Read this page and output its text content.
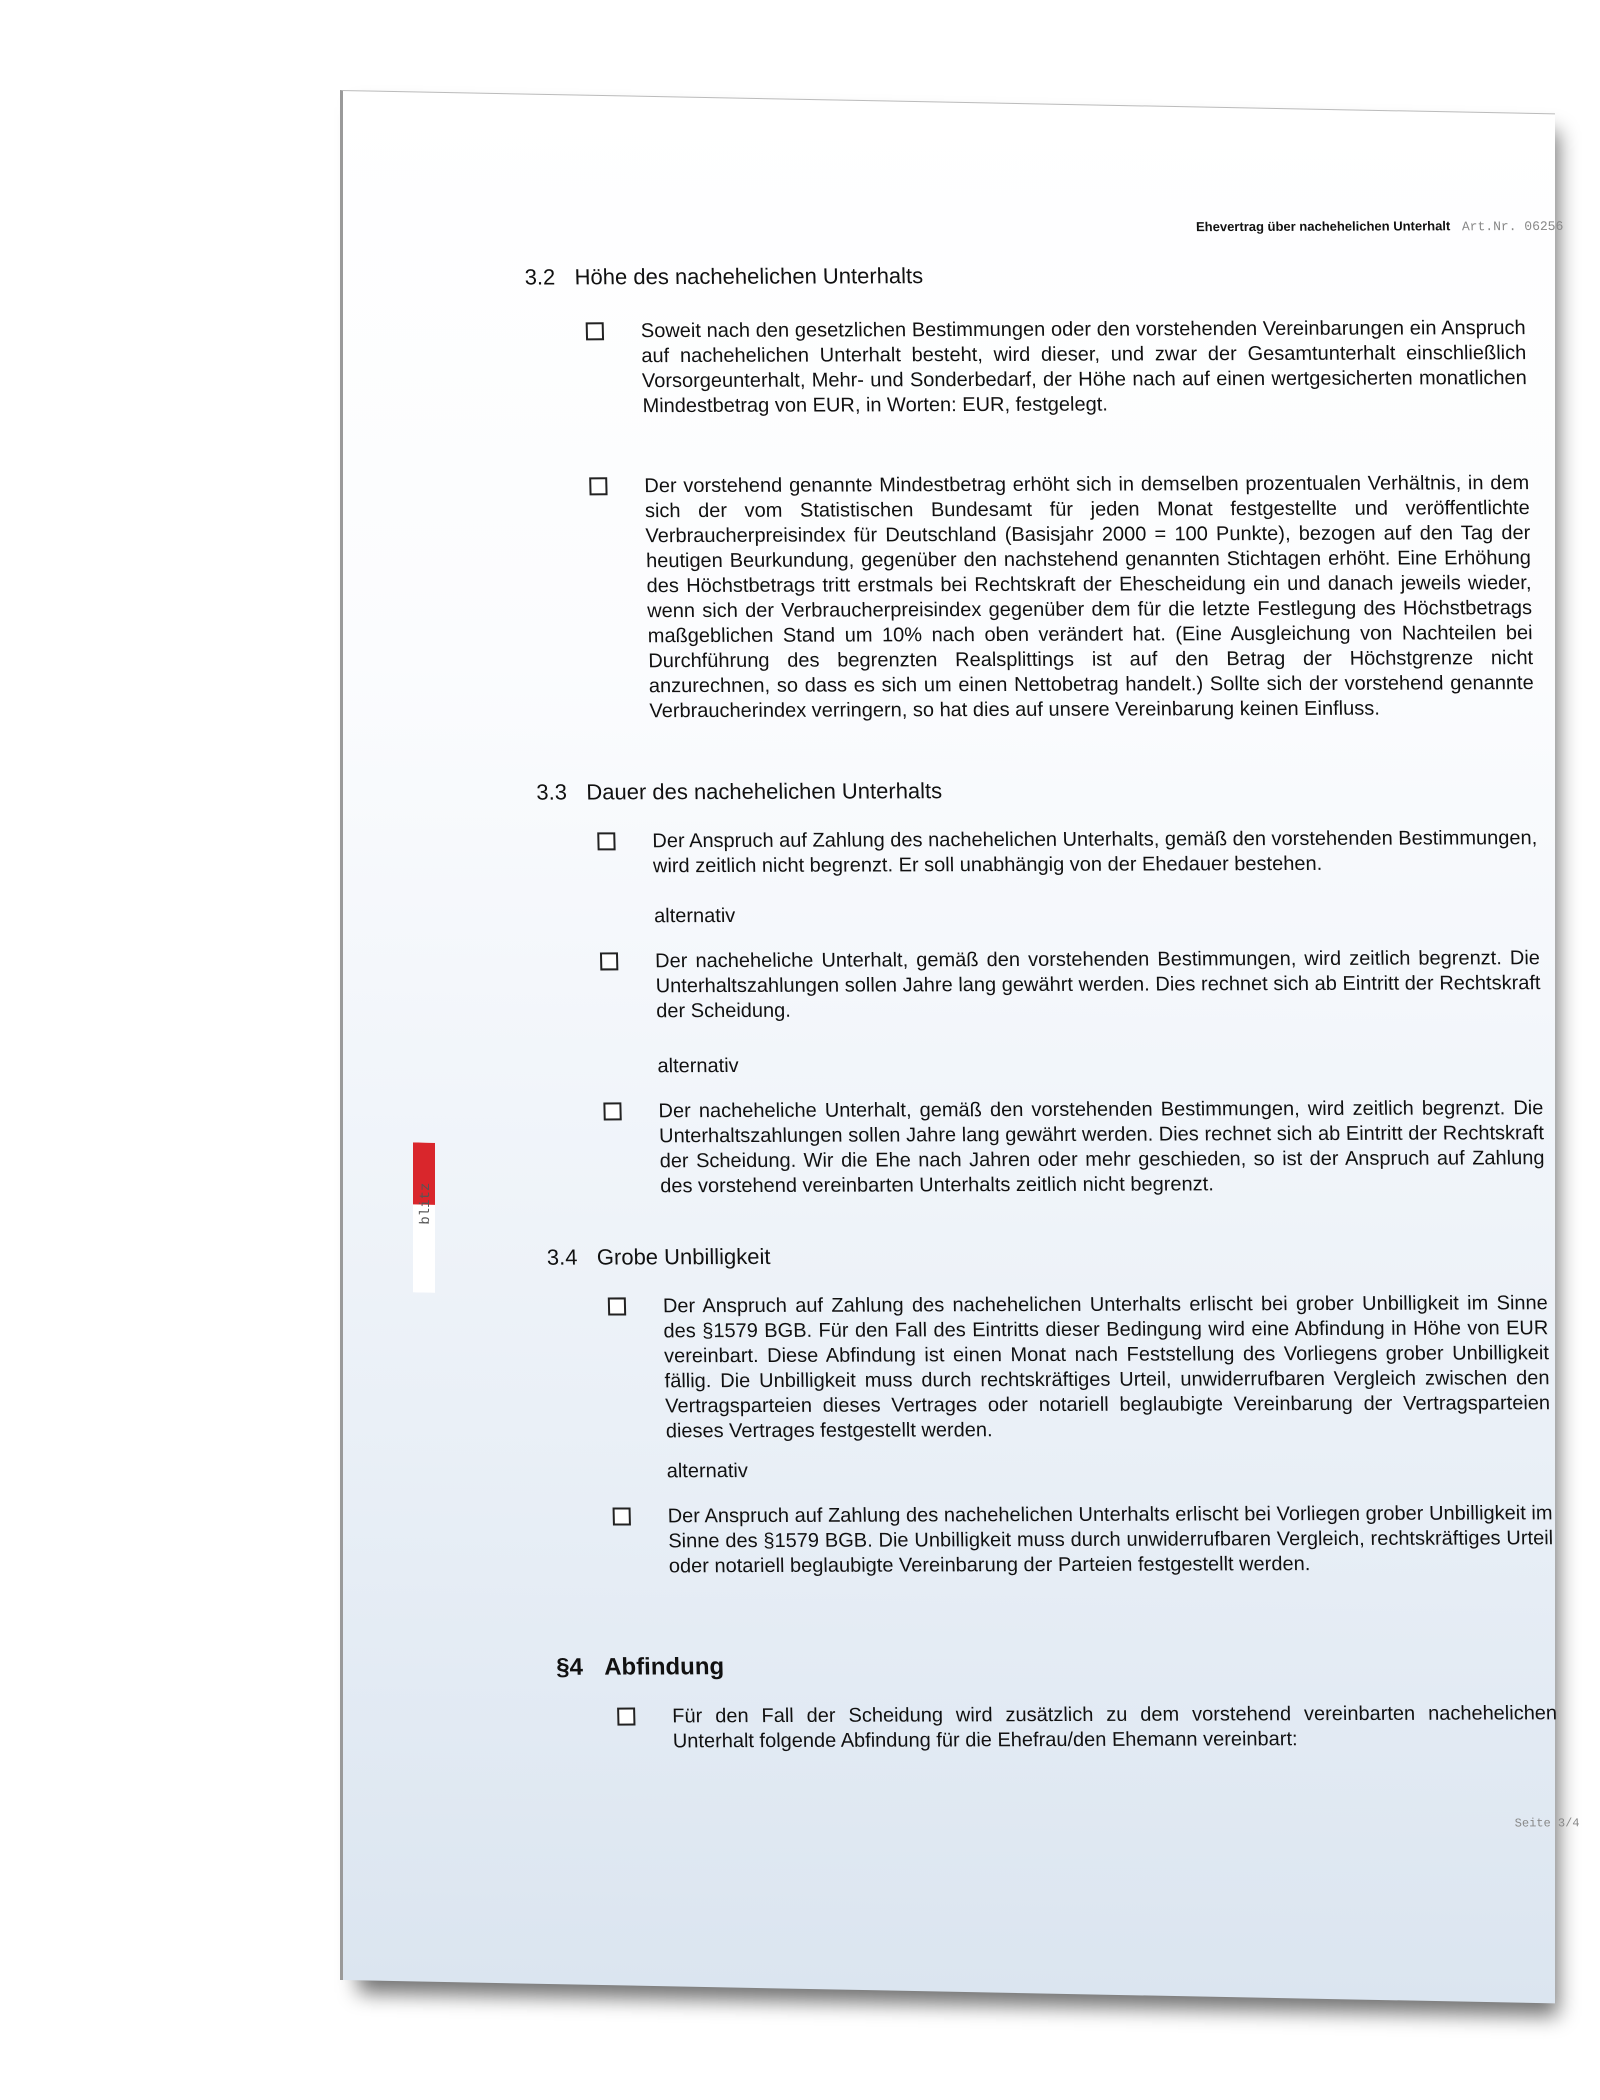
FORM
blitz
Ehevertrag über nachehelichen Unterhalt Art.Nr. 06256
3.2 Höhe des nachehelichen Unterhalts
Soweit nach den gesetzlichen Bestimmungen oder den vorstehenden Vereinbarungen ein Anspruch auf nachehelichen Unterhalt besteht, wird dieser, und zwar der Gesamtunterhalt einschließlich Vorsorgeunterhalt, Mehr- und Sonderbedarf, der Höhe nach auf einen wertgesicherten monatlichen Mindestbetrag von EUR, in Worten: EUR, festgelegt.
Der vorstehend genannte Mindestbetrag erhöht sich in demselben prozentualen Verhältnis, in dem sich der vom Statistischen Bundesamt für jeden Monat festgestellte und veröffentlichte Verbraucherpreisindex für Deutschland (Basisjahr 2000 = 100 Punkte), bezogen auf den Tag der heutigen Beurkundung, gegenüber den nachstehend genannten Stichtagen erhöht. Eine Erhöhung des Höchstbetrags tritt erstmals bei Rechtskraft der Ehescheidung ein und danach jeweils wieder, wenn sich der Verbraucherpreisindex gegenüber dem für die letzte Festlegung des Höchstbetrags maßgeblichen Stand um 10% nach oben verändert hat. (Eine Ausgleichung von Nachteilen bei Durchführung des begrenzten Realsplittings ist auf den Betrag der Höchstgrenze nicht anzurechnen, so dass es sich um einen Nettobetrag handelt.) Sollte sich der vorstehend genannte Verbraucherindex verringern, so hat dies auf unsere Vereinbarung keinen Einfluss.
3.3 Dauer des nachehelichen Unterhalts
Der Anspruch auf Zahlung des nachehelichen Unterhalts, gemäß den vorstehenden Bestimmungen, wird zeitlich nicht begrenzt. Er soll unabhängig von der Ehedauer bestehen.
alternativ
Der nacheheliche Unterhalt, gemäß den vorstehenden Bestimmungen, wird zeitlich begrenzt. Die Unterhaltszahlungen sollen Jahre lang gewährt werden. Dies rechnet sich ab Eintritt der Rechtskraft der Scheidung.
alternativ
Der nacheheliche Unterhalt, gemäß den vorstehenden Bestimmungen, wird zeitlich begrenzt. Die Unterhaltszahlungen sollen Jahre lang gewährt werden. Dies rechnet sich ab Eintritt der Rechtskraft der Scheidung. Wir die Ehe nach Jahren oder mehr geschieden, so ist der Anspruch auf Zahlung des vorstehend vereinbarten Unterhalts zeitlich nicht begrenzt.
3.4 Grobe Unbilligkeit
Der Anspruch auf Zahlung des nachehelichen Unterhalts erlischt bei grober Unbilligkeit im Sinne des §1579 BGB. Für den Fall des Eintritts dieser Bedingung wird eine Abfindung in Höhe von EUR vereinbart. Diese Abfindung ist einen Monat nach Feststellung des Vorliegens grober Unbilligkeit fällig. Die Unbilligkeit muss durch rechtskräftiges Urteil, unwiderrufbaren Vergleich zwischen den Vertragsparteien dieses Vertrages oder notariell beglaubigte Vereinbarung der Vertragsparteien dieses Vertrages festgestellt werden.
alternativ
Der Anspruch auf Zahlung des nachehelichen Unterhalts erlischt bei Vorliegen grober Unbilligkeit im Sinne des §1579 BGB. Die Unbilligkeit muss durch unwiderrufbaren Vergleich, rechtskräftiges Urteil oder notariell beglaubigte Vereinbarung der Parteien festgestellt werden.
§4 Abfindung
Für den Fall der Scheidung wird zusätzlich zu dem vorstehend vereinbarten nachehelichen Unterhalt folgende Abfindung für die Ehefrau/den Ehemann vereinbart:
Seite 3/4
